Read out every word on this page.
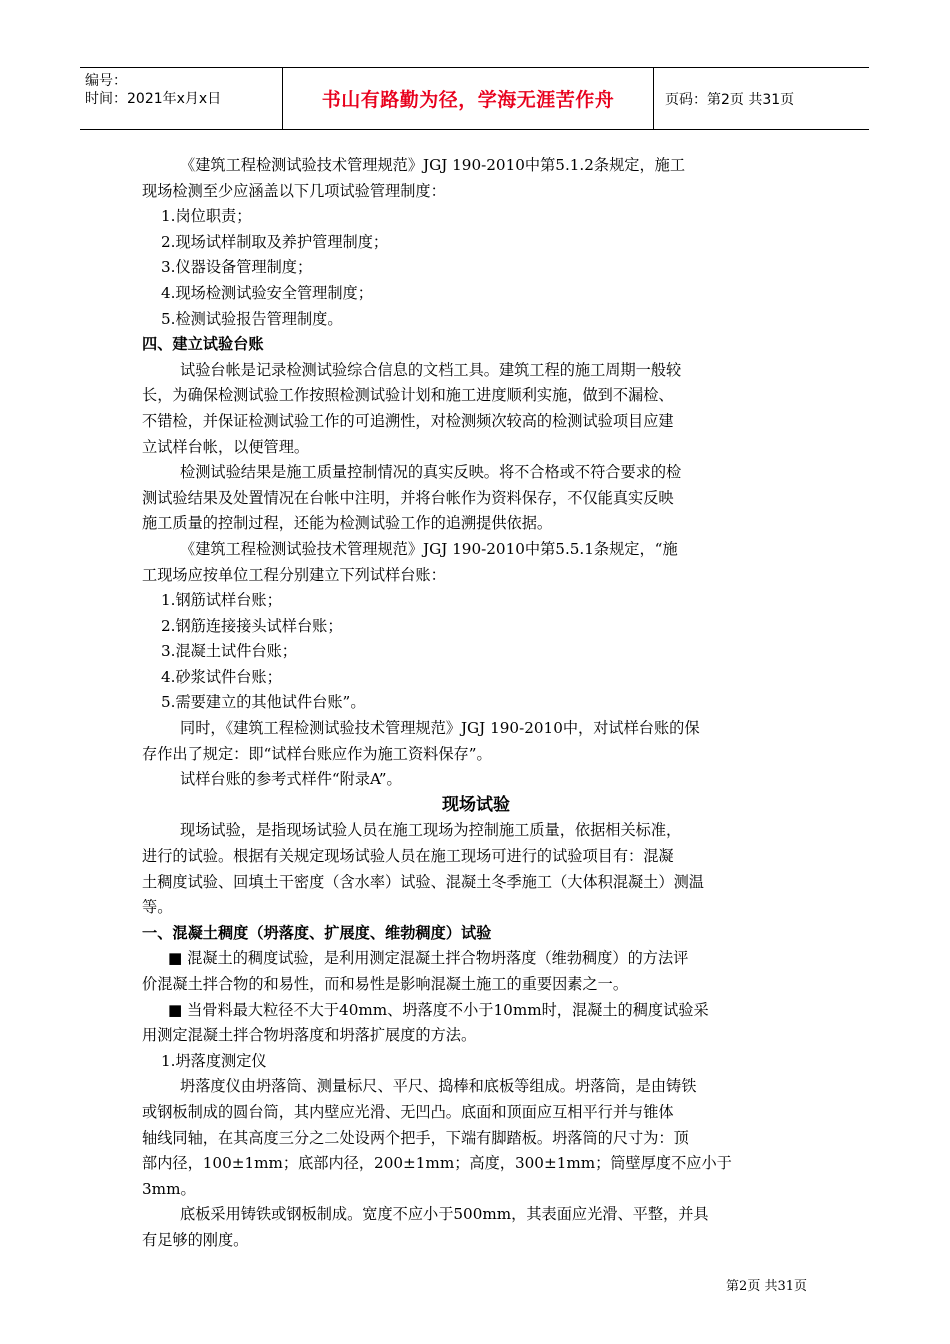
编号：
时间：2021年x月x日	书山有路勤为径，学海无涯苦作舟	页码：第2页 共31页

《建筑工程检测试验技术管理规范》JGJ 190-2010中第5.1.2条规定，施工

现场检测至少应涵盖以下几项试验管理制度：

1.岗位职责；

2.现场试样制取及养护管理制度；

3.仪器设备管理制度；

4.现场检测试验安全管理制度；

5.检测试验报告管理制度。

四、建立试验台账

试验台帐是记录检测试验综合信息的文档工具。建筑工程的施工周期一般较

长，为确保检测试验工作按照检测试验计划和施工进度顺利实施，做到不漏检、

不错检，并保证检测试验工作的可追溯性，对检测频次较高的检测试验项目应建

立试样台帐，以便管理。

检测试验结果是施工质量控制情况的真实反映。将不合格或不符合要求的检

测试验结果及处置情况在台帐中注明，并将台帐作为资料保存，不仅能真实反映

施工质量的控制过程，还能为检测试验工作的追溯提供依据。

《建筑工程检测试验技术管理规范》JGJ 190-2010中第5.5.1条规定，“施

工现场应按单位工程分别建立下列试样台账：

1.钢筋试样台账；

2.钢筋连接接头试样台账；

3.混凝土试件台账；

4.砂浆试件台账；

5.需要建立的其他试件台账”。

同时，《建筑工程检测试验技术管理规范》JGJ 190-2010中，对试样台账的保

存作出了规定：即“试样台账应作为施工资料保存”。

试样台账的参考式样件“附录A”。

现场试验

现场试验，是指现场试验人员在施工现场为控制施工质量，依据相关标准，

进行的试验。根据有关规定现场试验人员在施工现场可进行的试验项目有：混凝

土稠度试验、回填土干密度（含水率）试验、混凝土冬季施工（大体积混凝土）测温

等。

一、混凝土稠度（坍落度、扩展度、维勃稠度）试验

■ 混凝土的稠度试验，是利用测定混凝土拌合物坍落度（维勃稠度）的方法评

价混凝土拌合物的和易性，而和易性是影响混凝土施工的重要因素之一。

■ 当骨料最大粒径不大于40mm、坍落度不小于10mm时，混凝土的稠度试验采

用测定混凝土拌合物坍落度和坍落扩展度的方法。

1.坍落度测定仪

坍落度仪由坍落筒、测量标尺、平尺、捣棒和底板等组成。坍落筒，是由铸铁

或钢板制成的圆台筒，其内壁应光滑、无凹凸。底面和顶面应互相平行并与锥体

轴线同轴，在其高度三分之二处设两个把手，下端有脚踏板。坍落筒的尺寸为：顶

部内径，100±1mm；底部内径，200±1mm；高度，300±1mm；筒壁厚度不应小于

3mm。

底板采用铸铁或钢板制成。宽度不应小于500mm，其表面应光滑、平整，并具

有足够的刚度。

第2页 共31页
